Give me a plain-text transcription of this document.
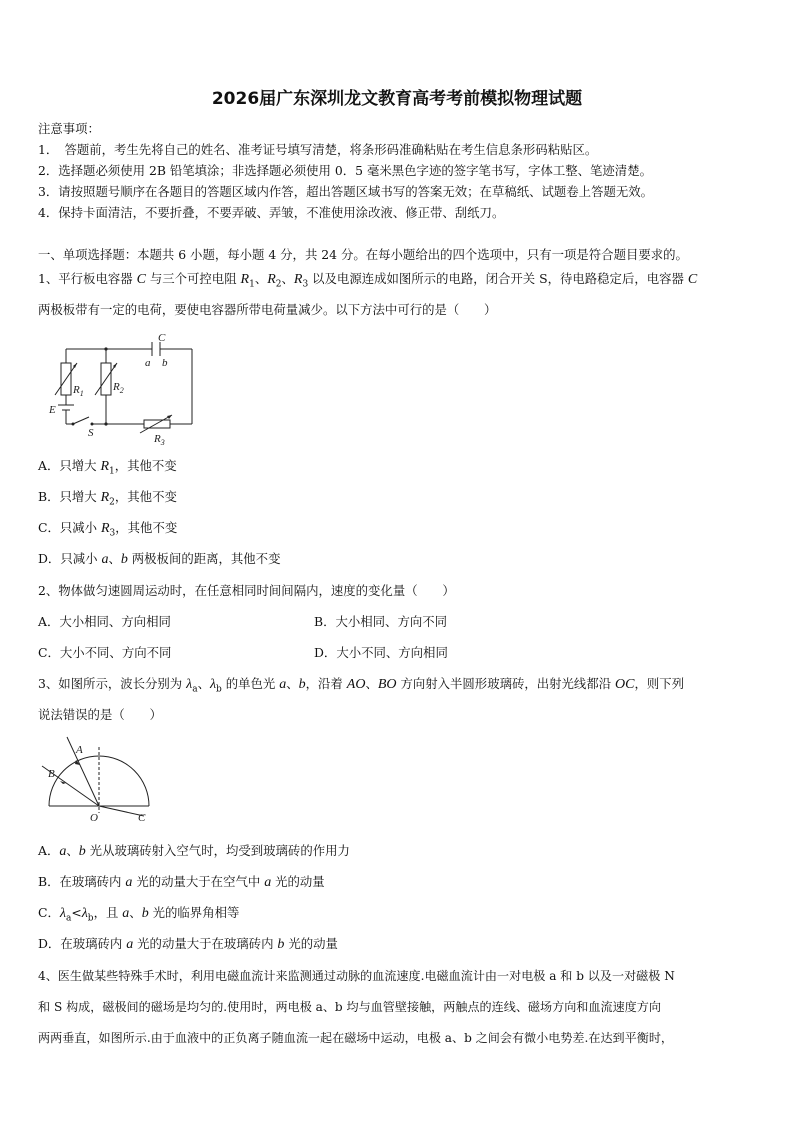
2026届广东深圳龙文教育高考考前模拟物理试题
注意事项：
1．　答题前，考生先将自己的姓名、准考证号填写清楚，将条形码准确粘贴在考生信息条形码粘贴区。
2．选择题必须使用 2B 铅笔填涂；非选择题必须使用 0．5 毫米黑色字迹的签字笔书写，字体工整、笔迹清楚。
3．请按照题号顺序在各题目的答题区域内作答，超出答题区域书写的答案无效；在草稿纸、试题卷上答题无效。
4．保持卡面清洁，不要折叠，不要弄破、弄皱，不准使用涂改液、修正带、刮纸刀。
一、单项选择题：本题共 6 小题，每小题 4 分，共 24 分。在每小题给出的四个选项中，只有一项是符合题目要求的。
1、平行板电容器 C 与三个可控电阻 $R_1$、$R_2$、$R_3$ 以及电源连成如图所示的电路，闭合开关 S，待电路稳定后，电容器 C
两极板带有一定的电荷，要使电容器所带电荷量减少。以下方法中可行的是（　　）
C
a b
$R_1$
$R_2$
$R_3$
E
S
A．只增大 $R_1$，其他不变
B．只增大 $R_2$，其他不变
C．只减小 $R_3$，其他不变
D．只减小 a、b 两极板间的距离，其他不变
2、物体做匀速圆周运动时，在任意相同时间间隔内，速度的变化量（　　）
A．大小相同、方向相同	B．大小相同、方向不同
C．大小不同、方向不同	D．大小不同、方向相同
3、如图所示，波长分别为 $\lambda_a$、$\lambda_b$ 的单色光 a、b，沿着 AO、BO 方向射入半圆形玻璃砖，出射光线都沿 OC，则下列
说法错误的是（　　）
A
B
O	C
A．a、b 光从玻璃砖射入空气时，均受到玻璃砖的作用力
B．在玻璃砖内 a 光的动量大于在空气中 a 光的动量
C．$\lambda_a<\lambda_b$，且 a、b 光的临界角相等
D．在玻璃砖内 a 光的动量大于在玻璃砖内 b 光的动量
4、医生做某些特殊手术时，利用电磁血流计来监测通过动脉的血流速度.电磁血流计由一对电极 a 和 b 以及一对磁极 N
和 S 构成，磁极间的磁场是均匀的.使用时，两电极 a、b 均与血管壁接触，两触点的连线、磁场方向和血流速度方向
两两垂直，如图所示.由于血液中的正负离子随血流一起在磁场中运动，电极 a、b 之间会有微小电势差.在达到平衡时，
